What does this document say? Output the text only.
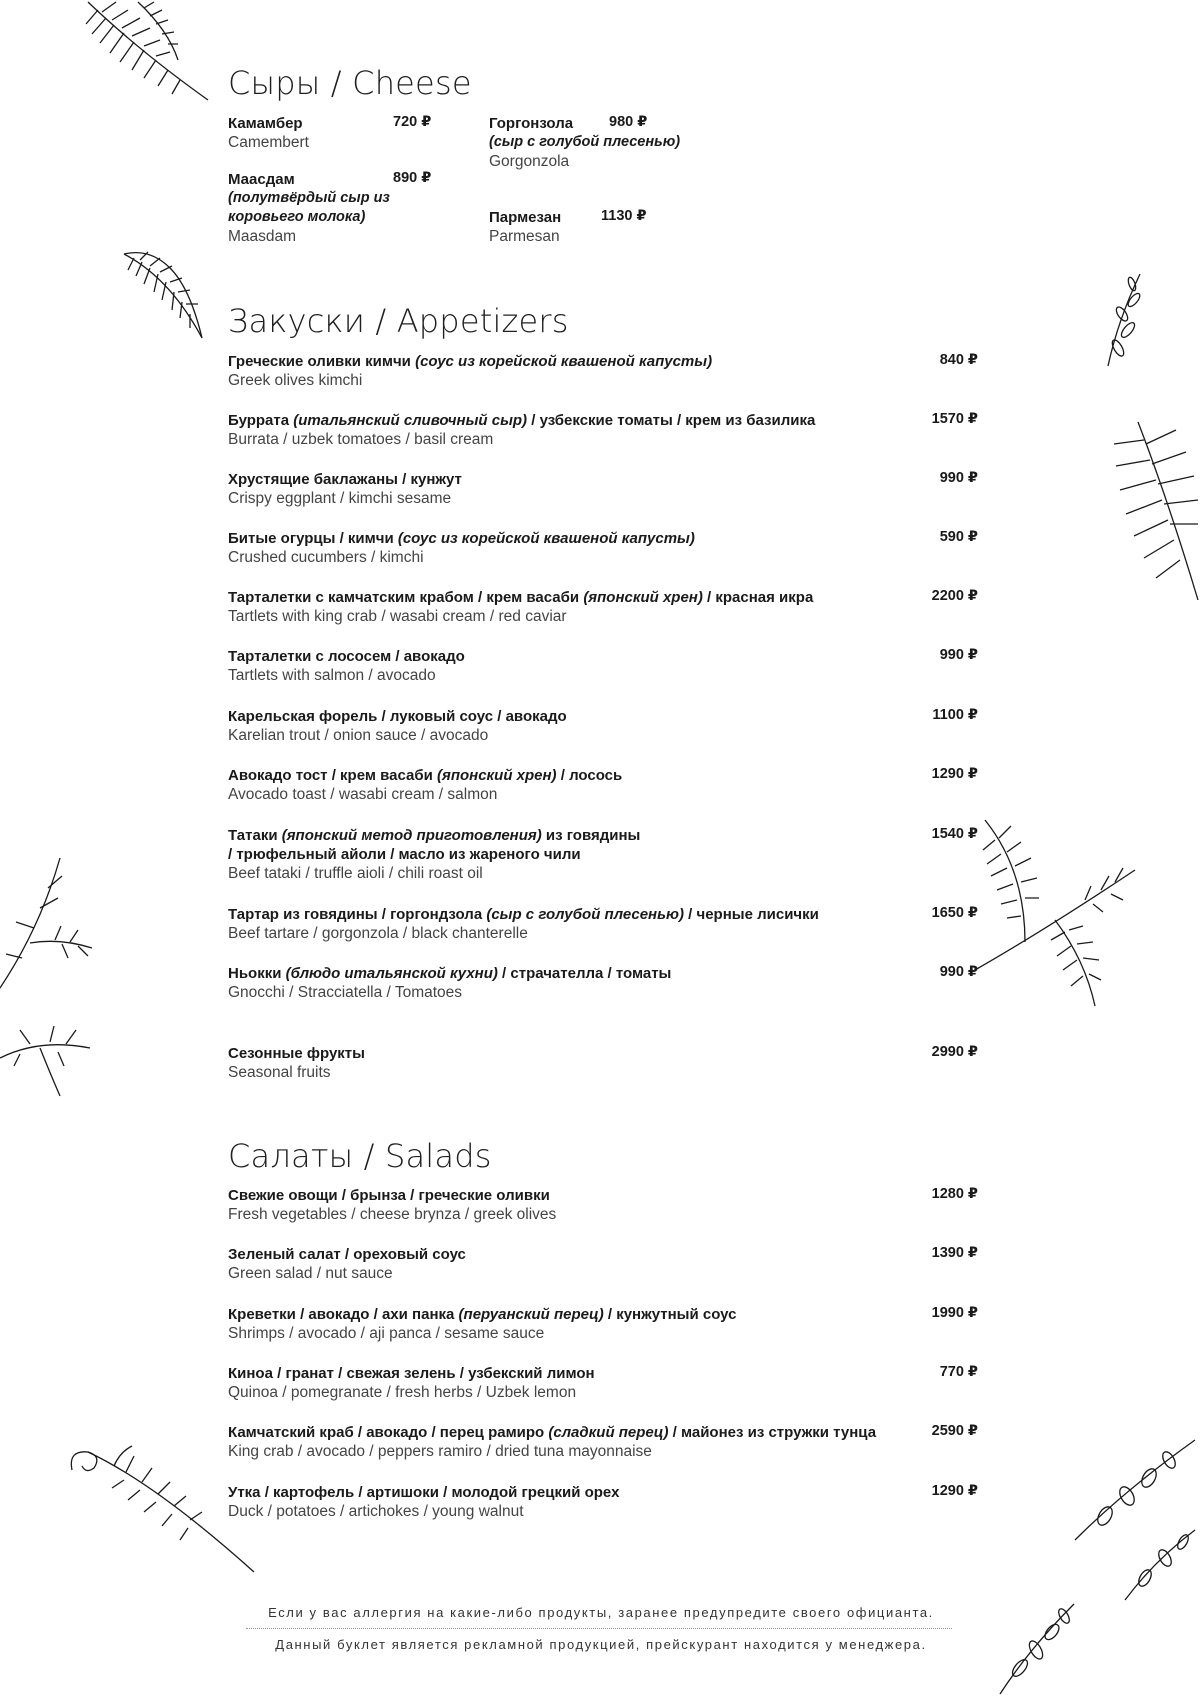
Сыры / Cheese
Камамбер	720 ₽
Camembert
Горгонзола 980 ₽
(сыр с голубой плесенью)
Gorgonzola
Маасдам	890 ₽
(полутвёрдый сыр из коровьего молока)
Maasdam
Пармезан	1130 ₽
Parmesan
Закуски / Appetizers
Греческие оливки кимчи (соус из корейской квашеной капусты)
Greek olives kimchi
840 ₽
Буррата (итальянский сливочный сыр) / узбекские томаты / крем из базилика
Burrata / uzbek tomatoes / basil cream
1570 ₽
Хрустящие баклажаны / кунжут
Crispy eggplant / kimchi sesame
990 ₽
Битые огурцы / кимчи (соус из корейской квашеной капусты)
Crushed cucumbers / kimchi
590 ₽
Тарталетки с камчатским крабом / крем васаби (японский хрен) / красная икра
Tartlets with king crab / wasabi cream / red caviar
2200 ₽
Тарталетки с лососем / авокадо
Tartlets with salmon / avocado
990 ₽
Карельская форель / луковый соус / авокадо
Karelian trout / onion sauce / avocado
1100 ₽
Авокадо тост / крем васаби (японский хрен) / лосось
Avocado toast / wasabi cream / salmon
1290 ₽
Татаки (японский метод приготовления) из говядины / трюфельный айоли / масло из жареного чили
Beef tataki / truffle aioli / chili roast oil
1540 ₽
Тартар из говядины / горгондзола (сыр с голубой плесенью) / черные лисички
Beef tartare / gorgonzola / black chanterelle
1650 ₽
Ньокки (блюдо итальянской кухни) / страчателла / томаты
Gnocchi / Stracciatella / Tomatoes
990 ₽
Сезонные фрукты
Seasonal fruits
2990 ₽
Салаты / Salads
Свежие овощи / брынза / греческие оливки
Fresh vegetables / cheese brynza / greek olives
1280 ₽
Зеленый салат / ореховый соус
Green salad / nut sauce
1390 ₽
Креветки / авокадо / ахи панка (перуанский перец) / кунжутный соус
Shrimps / avocado / aji panca / sesame sauce
1990 ₽
Киноа / гранат / свежая зелень / узбекский лимон
Quinoa / pomegranate / fresh herbs / Uzbek lemon
770 ₽
Камчатский краб / авокадо / перец рамиро (сладкий перец) / майонез из стружки тунца
King crab / avocado / peppers ramiro / dried tuna mayonnaise
2590 ₽
Утка / картофель / артишоки / молодой грецкий орех
Duck / potatoes / artichokes / young walnut
1290 ₽
Если у вас аллергия на какие-либо продукты, заранее предупредите своего официанта.
Данный буклет является рекламной продукцией, прейскурант находится у менеджера.
